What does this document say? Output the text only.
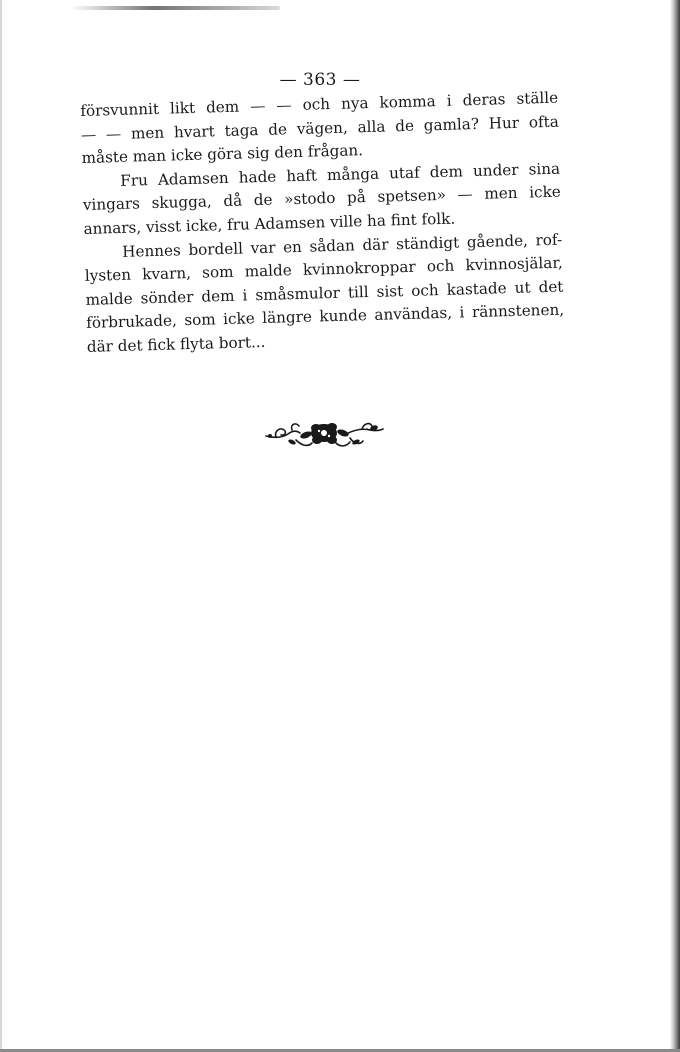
— 363 —
försvunnit likt dem — — och nya komma i deras ställe
— — men hvart taga de vägen, alla de gamla? Hur ofta
måste man icke göra sig den frågan.
Fru Adamsen hade haft många utaf dem under sina
vingars skugga, då de »stodo på spetsen» — men icke
annars, visst icke, fru Adamsen ville ha fint folk.
Hennes bordell var en sådan där ständigt gående, rof-
lysten kvarn, som malde kvinnokroppar och kvinnosjälar,
malde sönder dem i småsmulor till sist och kastade ut det
förbrukade, som icke längre kunde användas, i rännstenen,
där det fick flyta bort...
